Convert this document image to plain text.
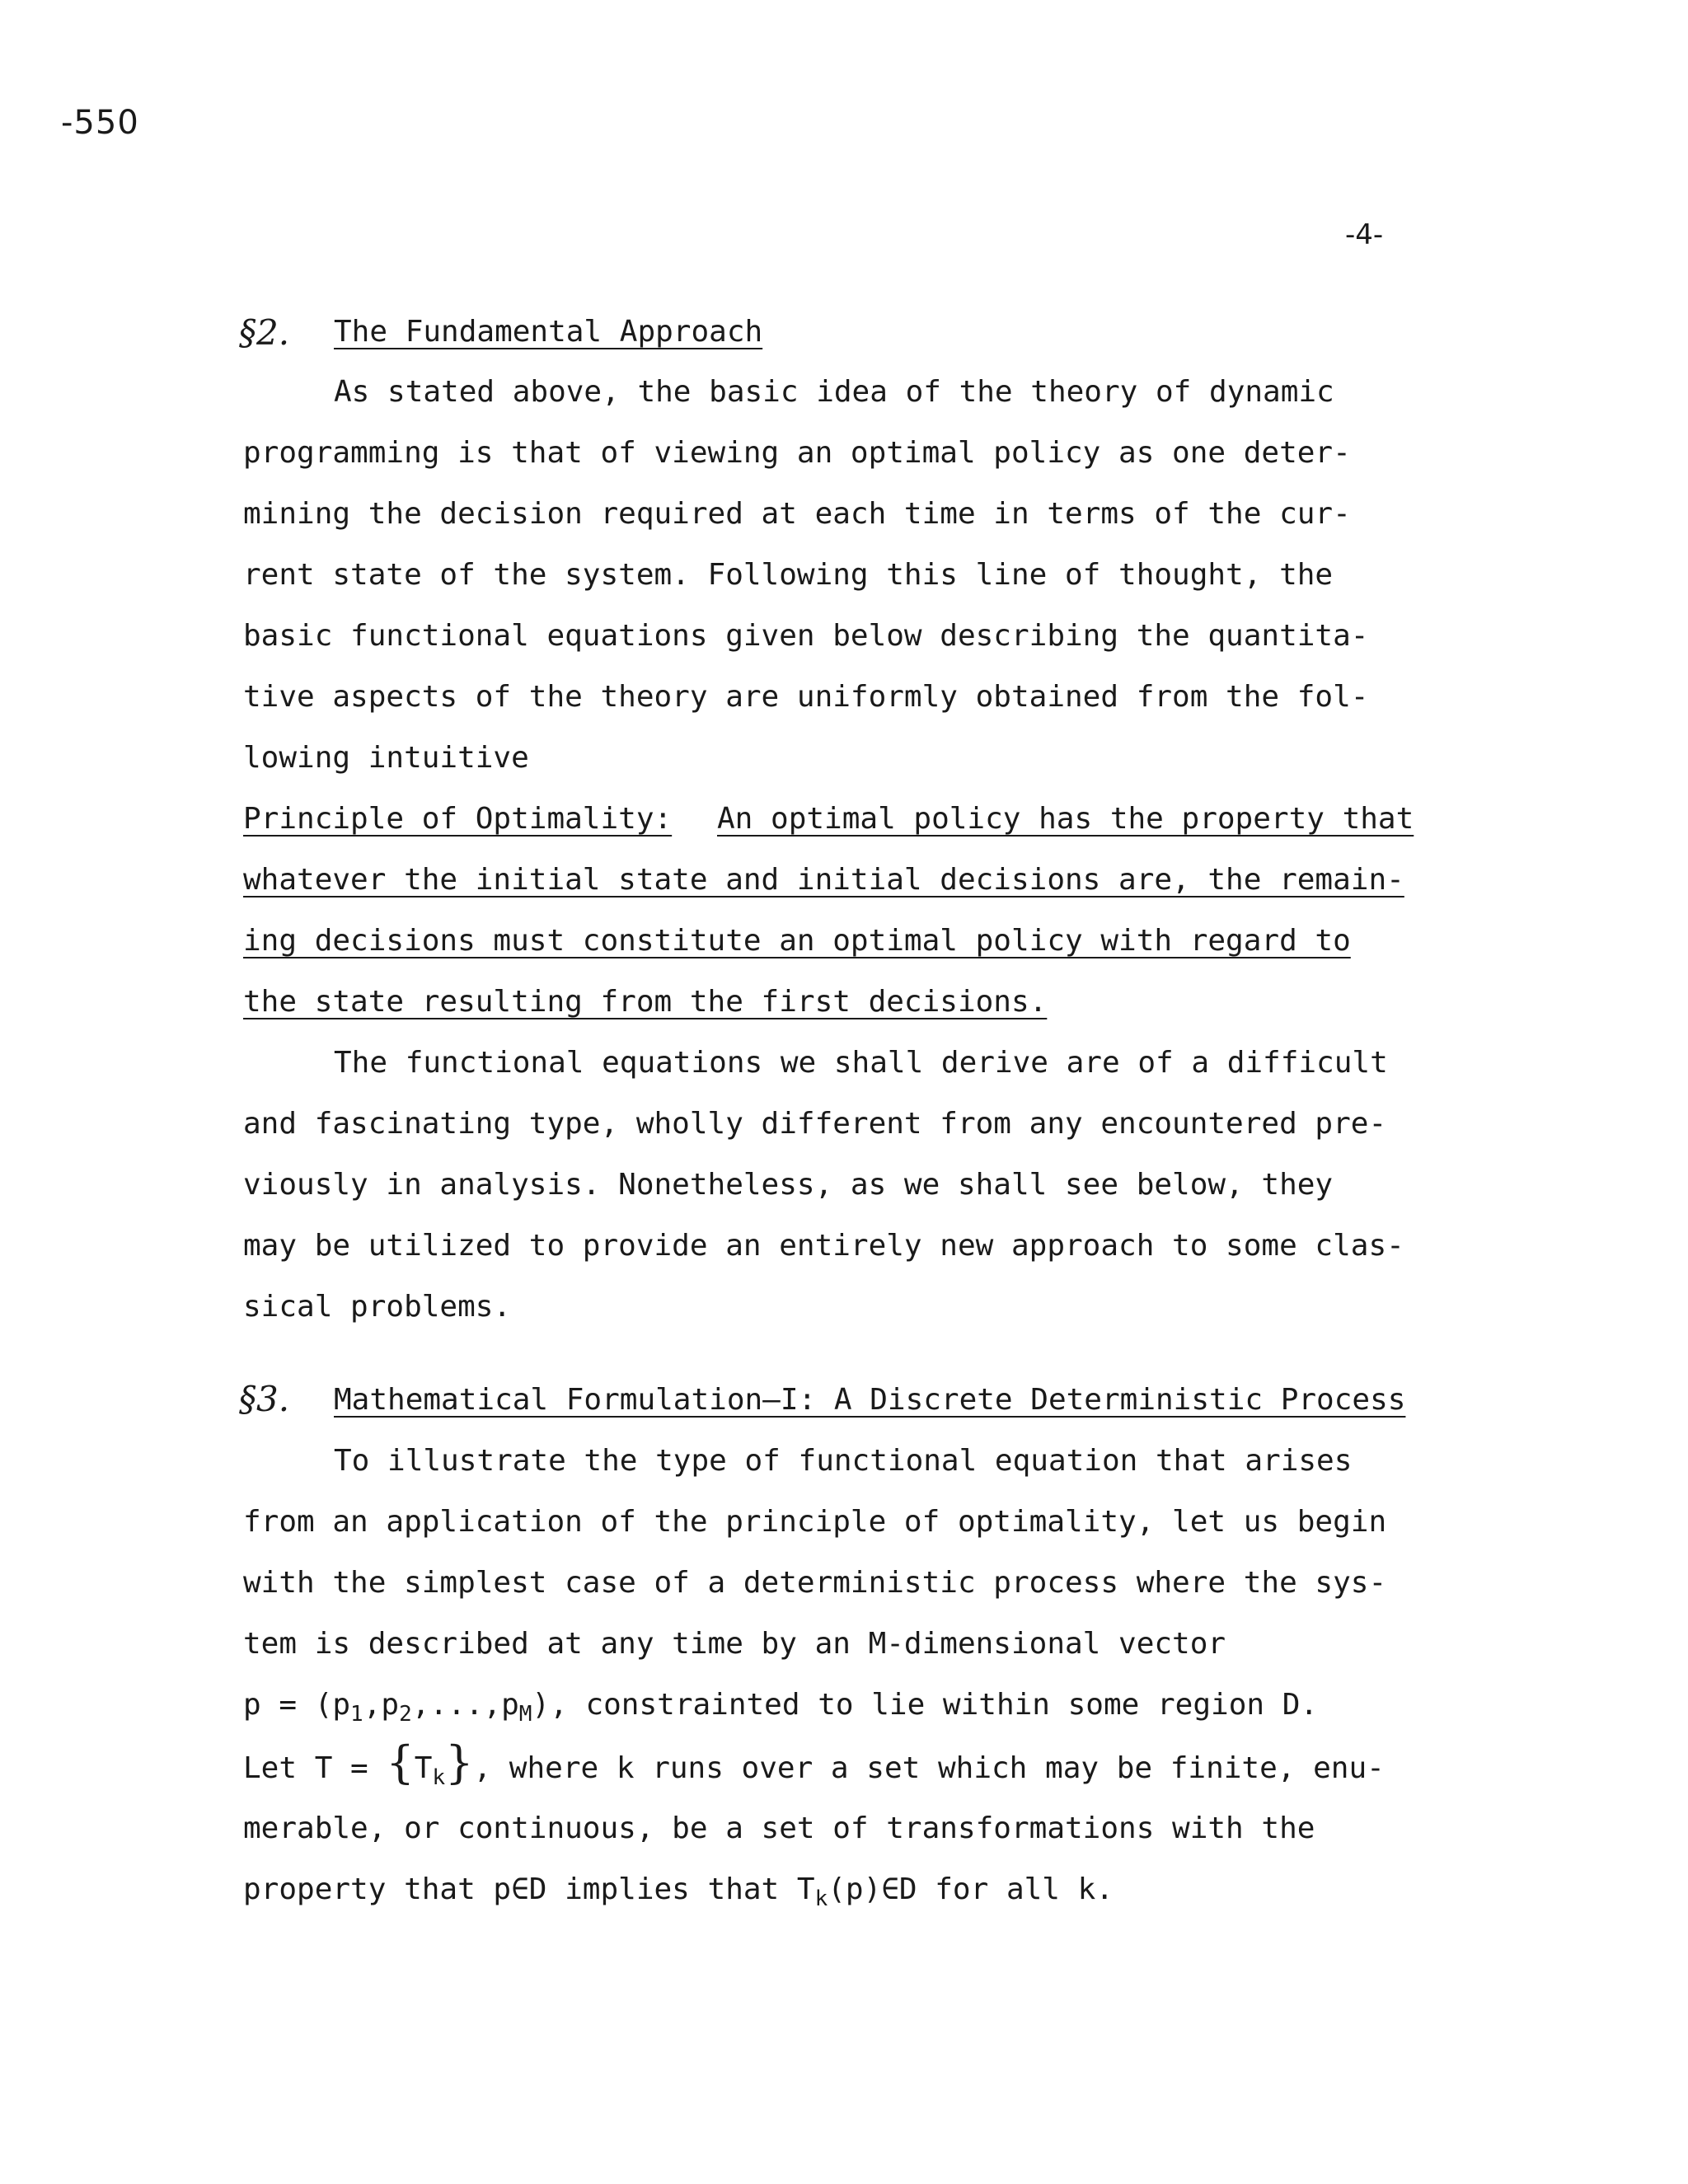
-550
-4-
§2. The Fundamental Approach
As stated above, the basic idea of the theory of dynamic
programming is that of viewing an optimal policy as one deter-
mining the decision required at each time in terms of the cur-
rent state of the system. Following this line of thought, the
basic functional equations given below describing the quantita-
tive aspects of the theory are uniformly obtained from the fol-
lowing intuitive
Principle of Optimality: An optimal policy has the property that
whatever the initial state and initial decisions are, the remain-
ing decisions must constitute an optimal policy with regard to
the state resulting from the first decisions.
The functional equations we shall derive are of a difficult
and fascinating type, wholly different from any encountered pre-
viously in analysis. Nonetheless, as we shall see below, they
may be utilized to provide an entirely new approach to some clas-
sical problems.
§3. Mathematical Formulation—I: A Discrete Deterministic Process
To illustrate the type of functional equation that arises
from an application of the principle of optimality, let us begin
with the simplest case of a deterministic process where the sys-
tem is described at any time by an M-dimensional vector
$p = (p_1,p_2,...,p_M)$, constrainted to lie within some region D.
Let $T = \{T_k\}$, where k runs over a set which may be finite, enu-
merable, or continuous, be a set of transformations with the
property that p∈D implies that $T_k(p)\in D$ for all k.
